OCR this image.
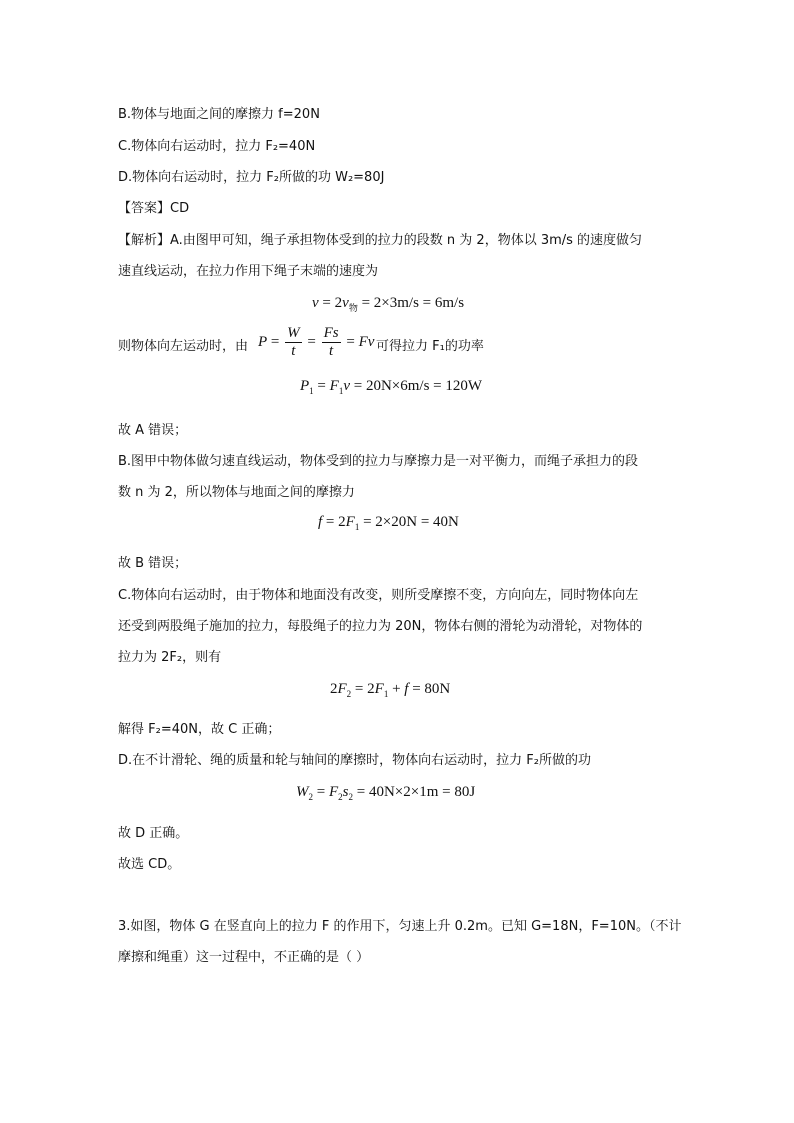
B.物体与地面之间的摩擦力 f=20N
C.物体向右运动时，拉力 F₂=40N
D.物体向右运动时，拉力 F₂所做的功 W₂=80J
【答案】CD
【解析】A.由图甲可知，绳子承担物体受到的拉力的段数 n 为 2，物体以 3m/s 的速度做匀
速直线运动，在拉力作用下绳子末端的速度为
$v = 2v_物 = 2\times 3m/s = 6m/s$
则物体向左运动时，由 $P = \frac{W}{t} = \frac{Fs}{t} = Fv$ 可得拉力 F₁的功率
$P_1 = F_1v = 20N\times 6m/s = 120W$
故 A 错误；
B.图甲中物体做匀速直线运动，物体受到的拉力与摩擦力是一对平衡力，而绳子承担力的段
数 n 为 2，所以物体与地面之间的摩擦力
$f = 2F_1 = 2\times 20N = 40N$
故 B 错误；
C.物体向右运动时，由于物体和地面没有改变，则所受摩擦不变，方向向左，同时物体向左
还受到两股绳子施加的拉力，每股绳子的拉力为 20N，物体右侧的滑轮为动滑轮，对物体的
拉力为 2F₂，则有
$2F_2 = 2F_1 + f = 80N$
解得 F₂=40N，故 C 正确；
D.在不计滑轮、绳的质量和轮与轴间的摩擦时，物体向右运动时，拉力 F₂所做的功
$W_2 = F_2s_2 = 40N\times 2\times 1m = 80J$
故 D 正确。
故选 CD。
3.如图，物体 G 在竖直向上的拉力 F 的作用下，匀速上升 0.2m。已知 G=18N，F=10N。（不计
摩擦和绳重）这一过程中，不正确的是（ ）
